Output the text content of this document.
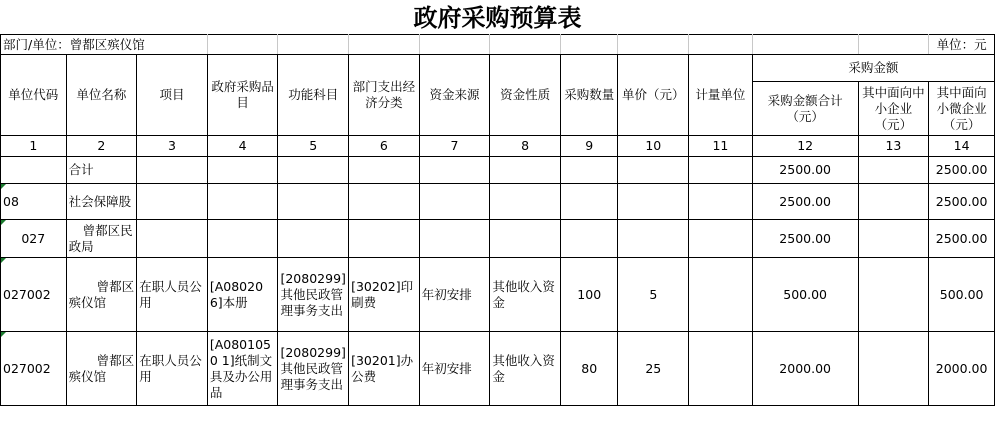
政府采购预算表
部门/单位：曾都区殡仪馆													单位：元
单位代码	单位名称	项目	政府采购品目	功能科目	部门支出经济分类	资金来源	资金性质	采购数量	单价（元）	计量单位	采购金额		
											采购金额合计（元）	其中面向中小企业（元）	其中面向小微企业（元）
1	2	3	4	5	6	7	8	9	10	11	12	13	14
	合计										2500.00		2500.00
08	社会保障股										2500.00		2500.00
027	曾都区民政局										2500.00		2500.00
027002	曾都区殡仪馆	在职人员公用	[A080206]本册	[2080299]其他民政管理事务支出	[30202]印刷费	年初安排	其他收入资金	100	5		500.00		500.00
027002	曾都区殡仪馆	在职人员公用	[A0801050 1]纸制文具及办公用品	[2080299]其他民政管理事务支出	[30201]办公费	年初安排	其他收入资金	80	25		2000.00		2000.00
